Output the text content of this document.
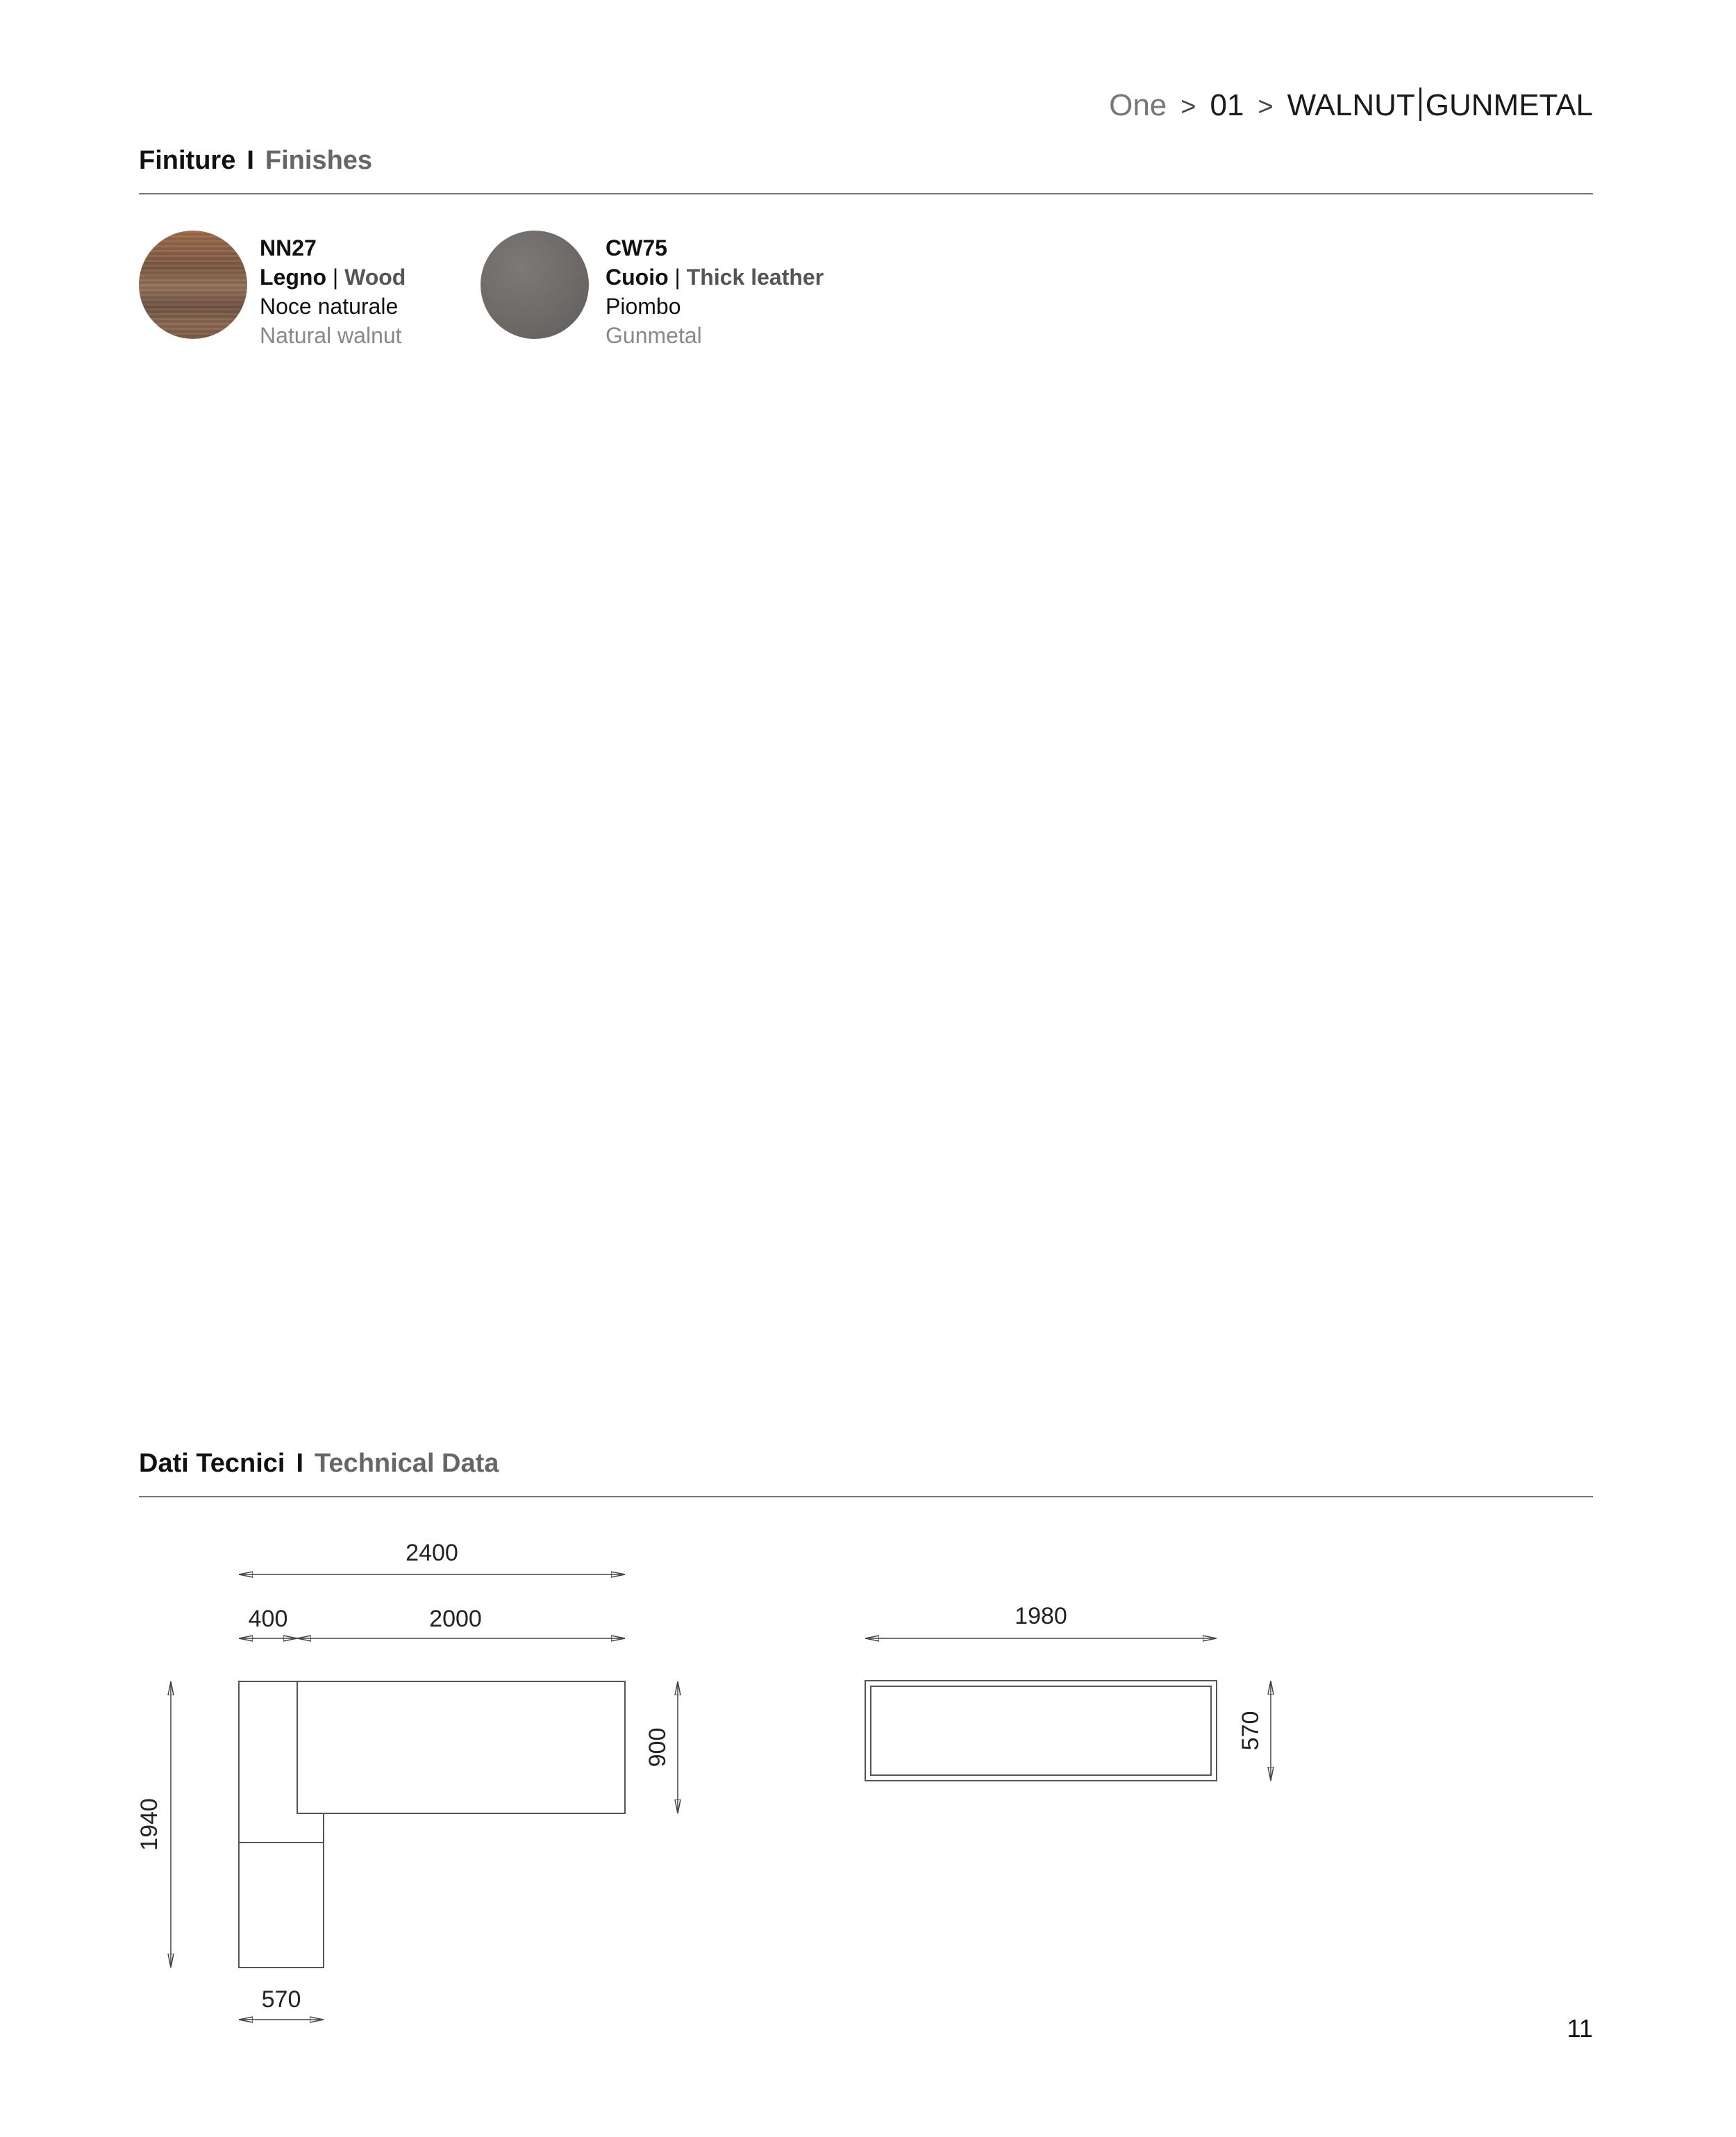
One > 01 > WALNUT GUNMETAL
Finiture I Finishes
NN27
Legno | Wood
Noce naturale
Natural walnut
CW75
Cuoio | Thick leather
Piombo
Gunmetal
Dati Tecnici I Technical Data
2400
400	2000
1940
900
570
1980
570
11
